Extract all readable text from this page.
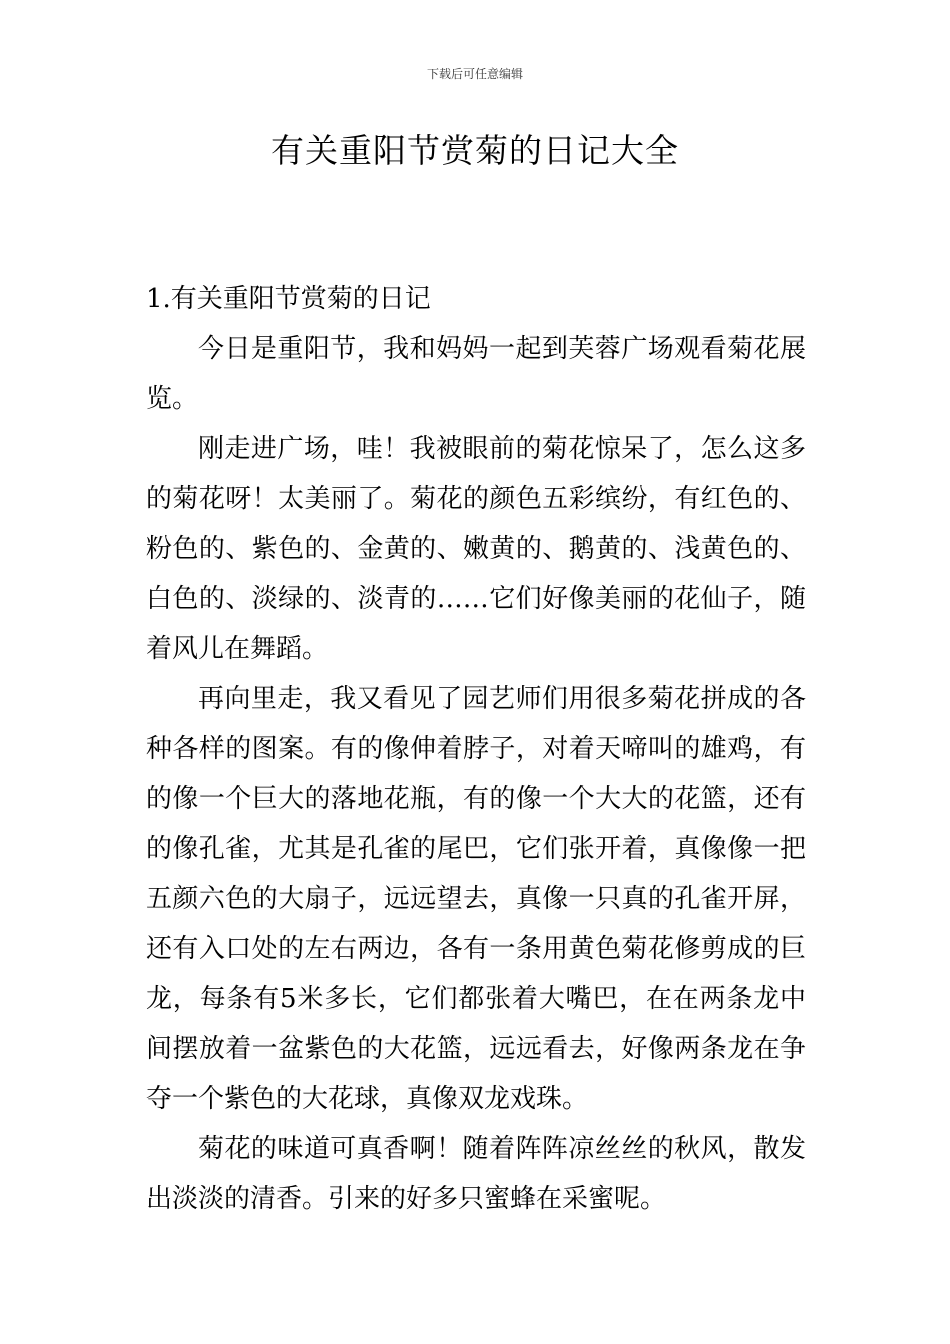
下载后可任意编辑
有关重阳节赏菊的日记大全
1.有关重阳节赏菊的日记

今日是重阳节，我和妈妈一起到芙蓉广场观看菊花展览。

刚走进广场，哇！我被眼前的菊花惊呆了，怎么这多的菊花呀！太美丽了。菊花的颜色五彩缤纷，有红色的、粉色的、紫色的、金黄的、嫩黄的、鹅黄的、浅黄色的、白色的、淡绿的、淡青的……它们好像美丽的花仙子，随着风儿在舞蹈。

再向里走，我又看见了园艺师们用很多菊花拼成的各种各样的图案。有的像伸着脖子，对着天啼叫的雄鸡，有的像一个巨大的落地花瓶，有的像一个大大的花篮，还有的像孔雀，尤其是孔雀的尾巴，它们张开着，真像像一把五颜六色的大扇子，远远望去，真像一只真的孔雀开屏，还有入口处的左右两边，各有一条用黄色菊花修剪成的巨龙，每条有5米多长，它们都张着大嘴巴，在在两条龙中间摆放着一盆紫色的大花篮，远远看去，好像两条龙在争夺一个紫色的大花球，真像双龙戏珠。

菊花的味道可真香啊！随着阵阵凉丝丝的秋风，散发出淡淡的清香。引来的好多只蜜蜂在采蜜呢。
